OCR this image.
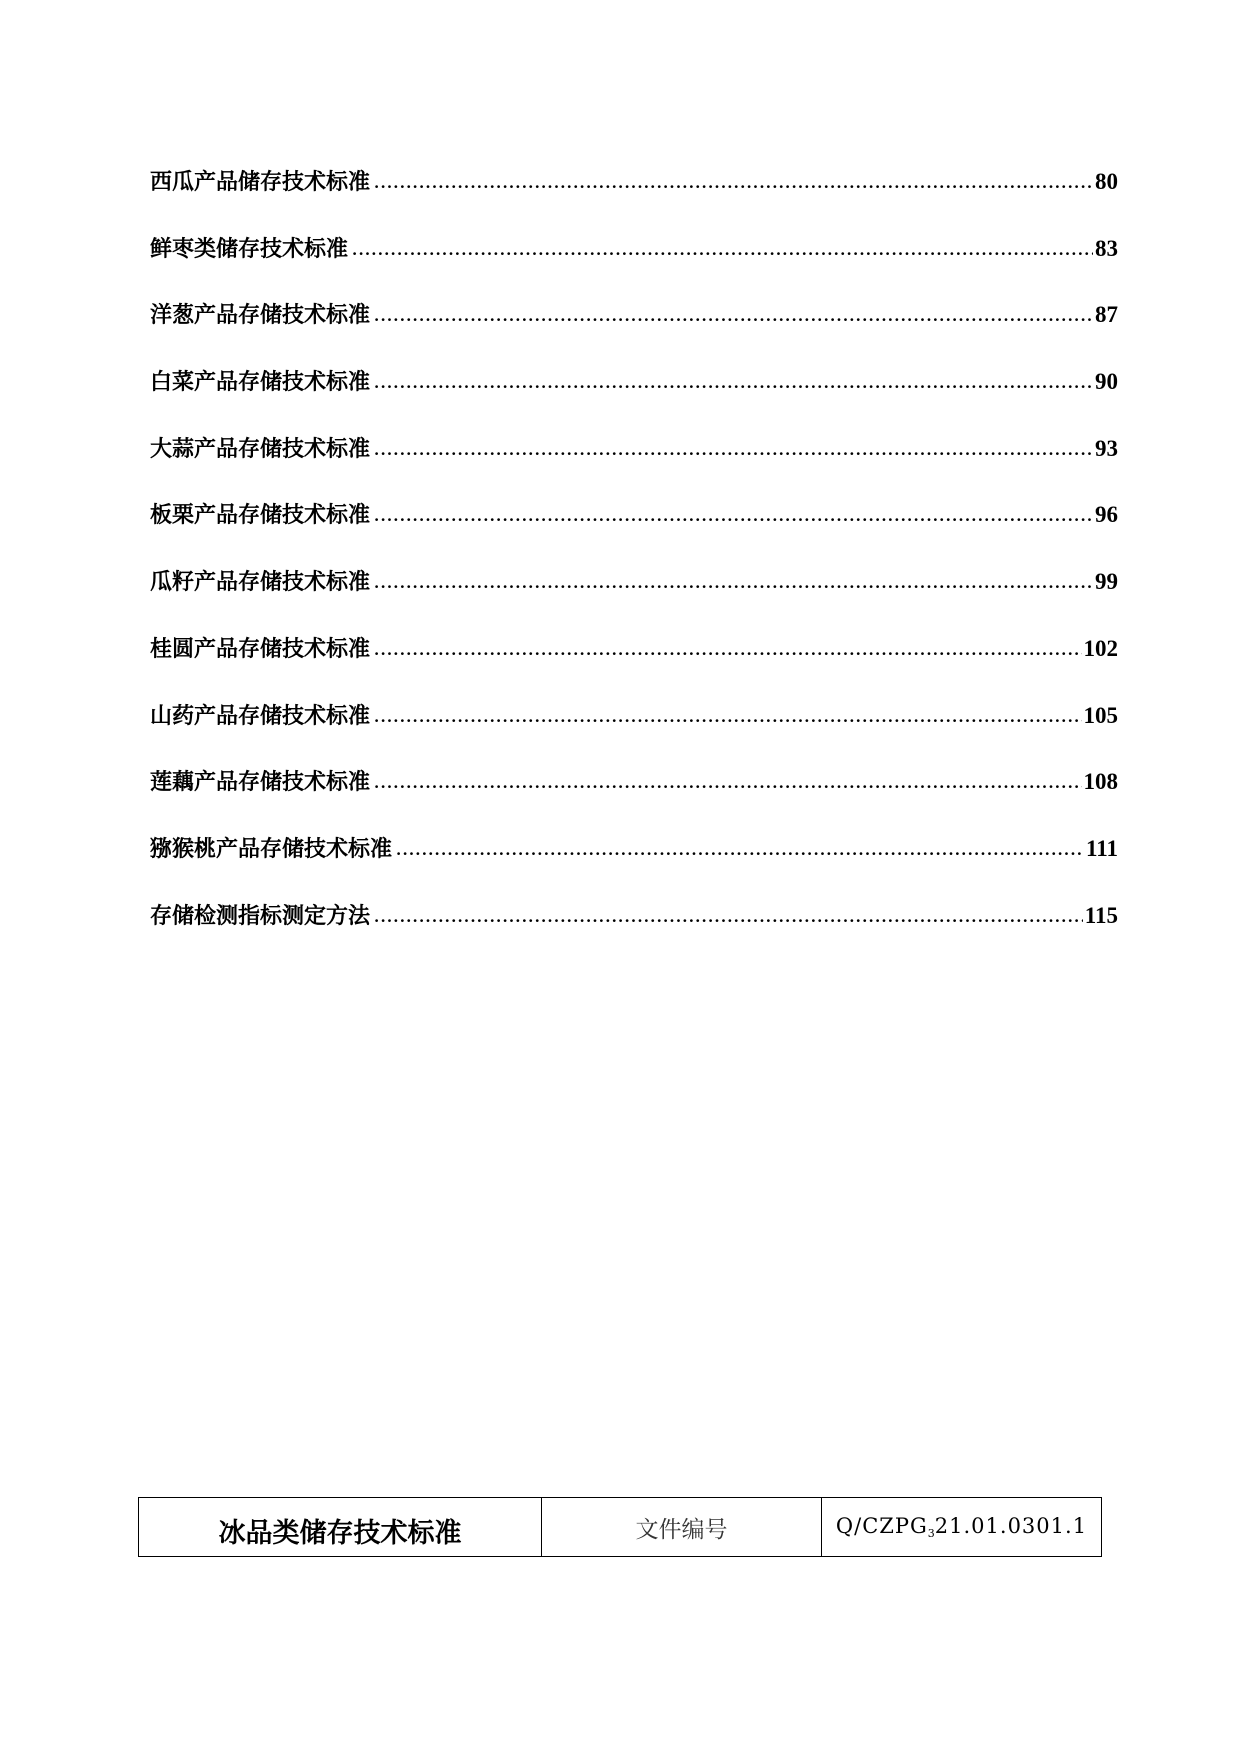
西瓜产品储存技术标准 .....	80
鲜枣类储存技术标准 .....	83
洋葱产品存储技术标准 .....	87
白菜产品存储技术标准 .....	90
大蒜产品存储技术标准 .....	93
板栗产品存储技术标准 .....	96
瓜籽产品存储技术标准 .....	99
桂圆产品存储技术标准 .....	102
山药产品存储技术标准 .....	105
莲藕产品存储技术标准 .....	108
猕猴桃产品存储技术标准 .....	111
存储检测指标测定方法 .....	115
冰品类储存技术标准	文件编号	$Q/CZPG_321.01.0301.1$
